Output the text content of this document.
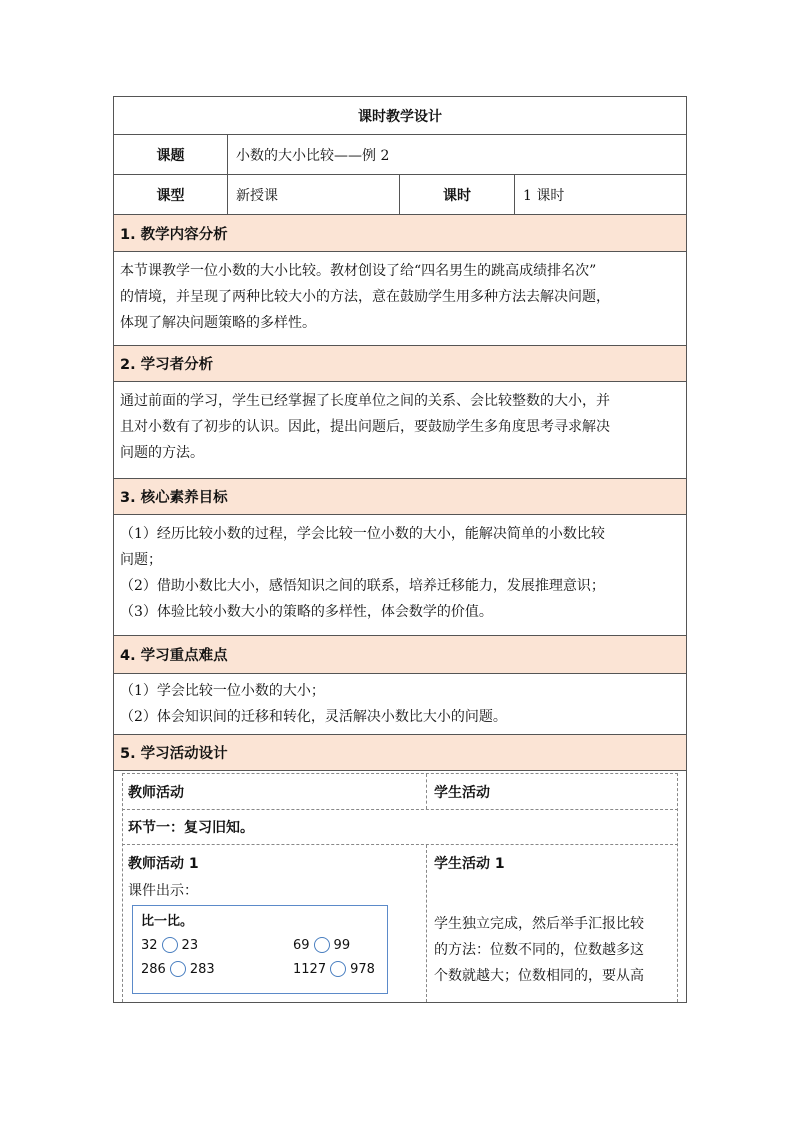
课时教学设计
课题	小数的大小比较——例 2
课型	新授课	课时	1 课时
1. 教学内容分析

本节课教学一位小数的大小比较。教材创设了给“四名男生的跳高成绩排名次”

的情境，并呈现了两种比较大小的方法，意在鼓励学生用多种方法去解决问题，

体现了解决问题策略的多样性。

2. 学习者分析

通过前面的学习，学生已经掌握了长度单位之间的关系、会比较整数的大小，并

且对小数有了初步的认识。因此，提出问题后，要鼓励学生多角度思考寻求解决

问题的方法。

3. 核心素养目标

（1）经历比较小数的过程，学会比较一位小数的大小，能解决简单的小数比较

问题；

（2）借助小数比大小，感悟知识之间的联系，培养迁移能力，发展推理意识；

（3）体验比较小数大小的策略的多样性，体会数学的价值。

4. 学习重点难点

（1）学会比较一位小数的大小；

（2）体会知识间的迁移和转化，灵活解决小数比大小的问题。

5. 学习活动设计
教师活动	学生活动
环节一：复习旧知。
教师活动 1
课件出示：
比一比。
32 23	69 99
286 283	1127 978
学生活动 1
学生独立完成，然后举手汇报比较
的方法：位数不同的，位数越多这
个数就越大；位数相同的，要从高
